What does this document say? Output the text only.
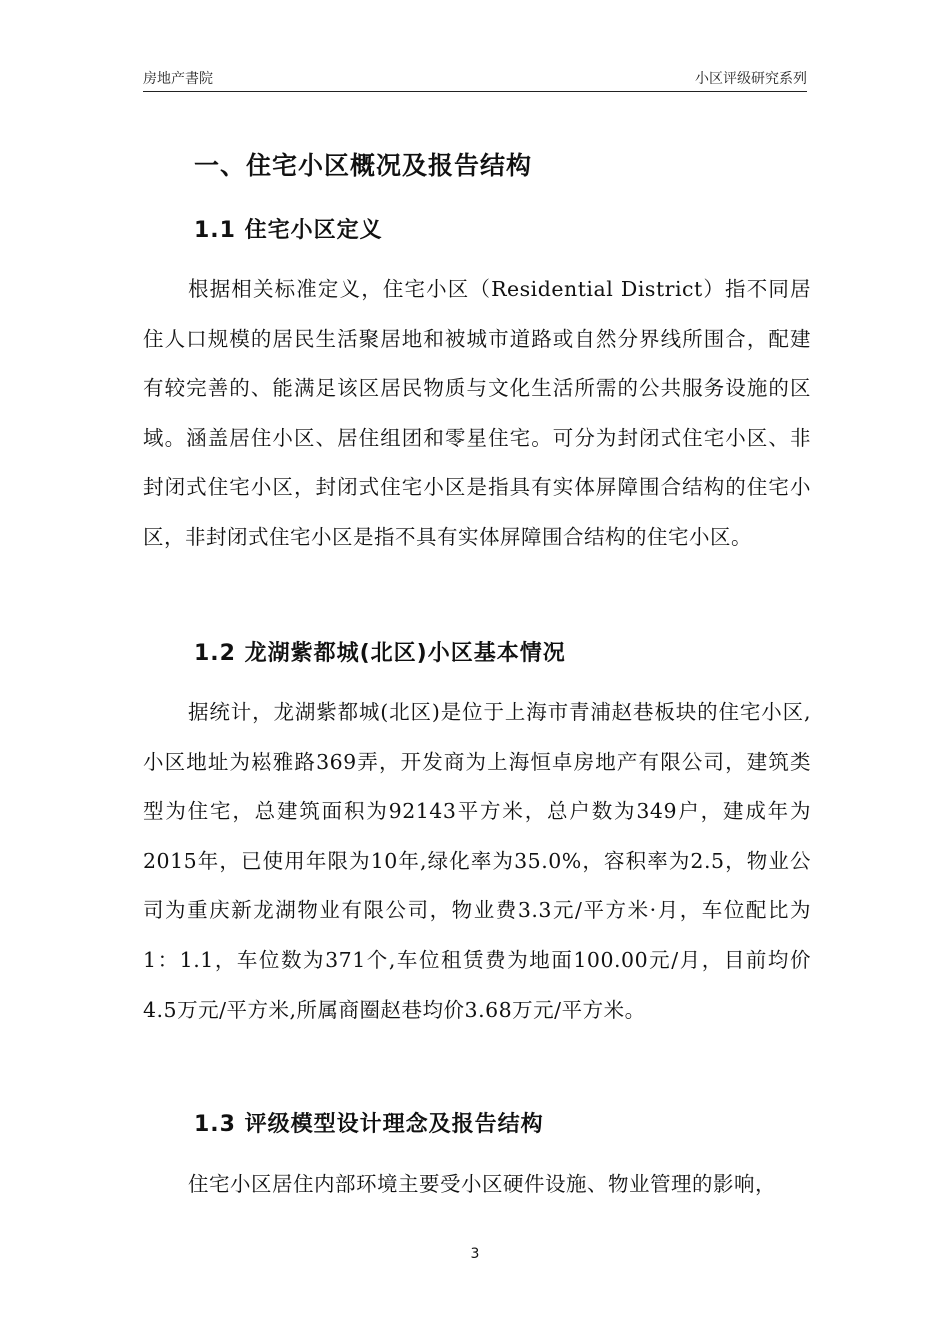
房地产書院	小区评级研究系列
一、住宅小区概况及报告结构
1.1 住宅小区定义

根据相关标准定义，住宅小区（Residential District）指不同居住人口规模的居民生活聚居地和被城市道路或自然分界线所围合，配建有较完善的、能满足该区居民物质与文化生活所需的公共服务设施的区域。涵盖居住小区、居住组团和零星住宅。可分为封闭式住宅小区、非封闭式住宅小区，封闭式住宅小区是指具有实体屏障围合结构的住宅小区，非封闭式住宅小区是指不具有实体屏障围合结构的住宅小区。

1.2 龙湖紫都城(北区)小区基本情况

据统计，龙湖紫都城(北区)是位于上海市青浦赵巷板块的住宅小区,小区地址为崧雅路369弄，开发商为上海恒卓房地产有限公司，建筑类型为住宅，总建筑面积为92143平方米，总户数为349户，建成年为2015年，已使用年限为10年,绿化率为35.0%，容积率为2.5，物业公司为重庆新龙湖物业有限公司，物业费3.3元/平方米·月，车位配比为1：1.1，车位数为371个,车位租赁费为地面100.00元/月，目前均价4.5万元/平方米,所属商圈赵巷均价3.68万元/平方米。

1.3 评级模型设计理念及报告结构

住宅小区居住内部环境主要受小区硬件设施、物业管理的影响，

3
